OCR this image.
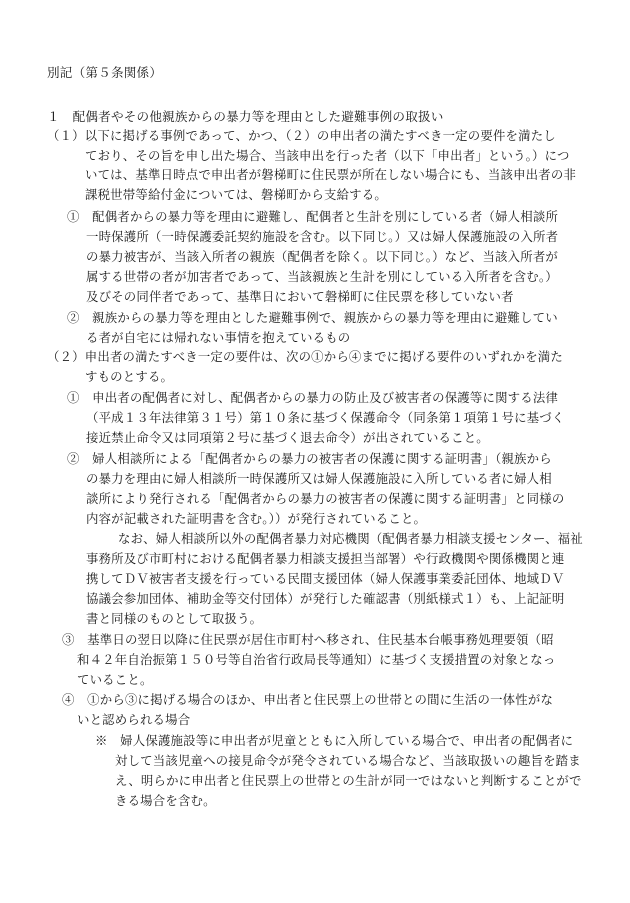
別記（第５条関係）
１　配偶者やその他親族からの暴力等を理由とした避難事例の取扱い
（１）以下に掲げる事例であって、かつ、（２）の申出者の満たすべき一定の要件を満たし
ており、その旨を申し出た場合、当該申出を行った者（以下「申出者」という。）につ
いては、基準日時点で申出者が磐梯町に住民票が所在しない場合にも、当該申出者の非
課税世帯等給付金については、磐梯町から支給する。
①　配偶者からの暴力等を理由に避難し、配偶者と生計を別にしている者（婦人相談所
一時保護所（一時保護委託契約施設を含む。以下同じ。）又は婦人保護施設の入所者
の暴力被害が、当該入所者の親族（配偶者を除く。以下同じ。）など、当該入所者が
属する世帯の者が加害者であって、当該親族と生計を別にしている入所者を含む。）
及びその同伴者であって、基準日において磐梯町に住民票を移していない者
②　親族からの暴力等を理由とした避難事例で、親族からの暴力等を理由に避難してい
る者が自宅には帰れない事情を抱えているもの
（２）申出者の満たすべき一定の要件は、次の①から④までに掲げる要件のいずれかを満た
すものとする。
①　申出者の配偶者に対し、配偶者からの暴力の防止及び被害者の保護等に関する法律
（平成１３年法律第３１号）第１０条に基づく保護命令（同条第１項第１号に基づく
接近禁止命令又は同項第２号に基づく退去命令）が出されていること。
②　婦人相談所による「配偶者からの暴力の被害者の保護に関する証明書」（親族から
の暴力を理由に婦人相談所一時保護所又は婦人保護施設に入所している者に婦人相
談所により発行される「配偶者からの暴力の被害者の保護に関する証明書」と同様の
内容が記載された証明書を含む。））が発行されていること。
なお、婦人相談所以外の配偶者暴力対応機関（配偶者暴力相談支援センター、福祉
事務所及び市町村における配偶者暴力相談支援担当部署）や行政機関や関係機関と連
携してＤＶ被害者支援を行っている民間支援団体（婦人保護事業委託団体、地域ＤＶ
協議会参加団体、補助金等交付団体）が発行した確認書（別紙様式１）も、上記証明
書と同様のものとして取扱う。
③　基準日の翌日以降に住民票が居住市町村へ移され、住民基本台帳事務処理要領（昭
和４２年自治振第１５０号等自治省行政局長等通知）に基づく支援措置の対象となっ
ていること。
④　①から③に掲げる場合のほか、申出者と住民票上の世帯との間に生活の一体性がな
いと認められる場合
※　婦人保護施設等に申出者が児童とともに入所している場合で、申出者の配偶者に
対して当該児童への接見命令が発令されている場合など、当該取扱いの趣旨を踏ま
え、明らかに申出者と住民票上の世帯との生計が同一ではないと判断することがで
きる場合を含む。
